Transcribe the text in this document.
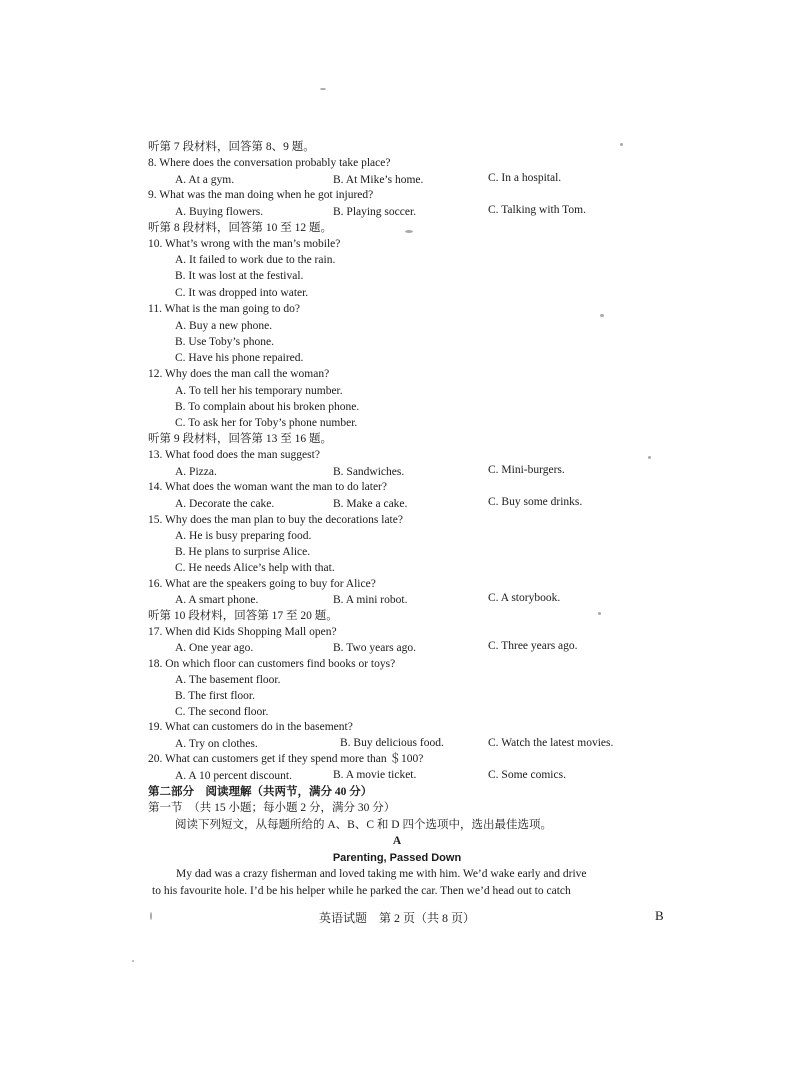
听第 7 段材料，回答第 8、9 题。
8. Where does the conversation probably take place?
A. At a gym.	B. At Mike’s home.	C. In a hospital.
9. What was the man doing when he got injured?
A. Buying flowers.	B. Playing soccer.	C. Talking with Tom.
听第 8 段材料，回答第 10 至 12 题。
10. What’s wrong with the man’s mobile?
A. It failed to work due to the rain.
B. It was lost at the festival.
C. It was dropped into water.
11. What is the man going to do?
A. Buy a new phone.
B. Use Toby’s phone.
C. Have his phone repaired.
12. Why does the man call the woman?
A. To tell her his temporary number.
B. To complain about his broken phone.
C. To ask her for Toby’s phone number.
听第 9 段材料，回答第 13 至 16 题。
13. What food does the man suggest?
A. Pizza.	B. Sandwiches.	C. Mini-burgers.
14. What does the woman want the man to do later?
A. Decorate the cake.	B. Make a cake.	C. Buy some drinks.
15. Why does the man plan to buy the decorations late?
A. He is busy preparing food.
B. He plans to surprise Alice.
C. He needs Alice’s help with that.
16. What are the speakers going to buy for Alice?
A. A smart phone.	B. A mini robot.	C. A storybook.
听第 10 段材料，回答第 17 至 20 题。
17. When did Kids Shopping Mall open?
A. One year ago.	B. Two years ago.	C. Three years ago.
18. On which floor can customers find books or toys?
A. The basement floor.
B. The first floor.
C. The second floor.
19. What can customers do in the basement?
A. Try on clothes.	B. Buy delicious food.	C. Watch the latest movies.
20. What can customers get if they spend more than ＄100?
A. A 10 percent discount.	B. A movie ticket.	C. Some comics.
第二部分　阅读理解（共两节，满分 40 分）
第一节　（共 15 小题；每小题 2 分，满分 30 分）
阅读下列短文，从每题所给的 A、B、C 和 D 四个选项中，选出最佳选项。
A
Parenting, Passed Down
My dad was a crazy fisherman and loved taking me with him. We’d wake early and drive
to his favourite hole. I’d be his helper while he parked the car. Then we’d head out to catch
英语试题　第 2 页（共 8 页）	B
